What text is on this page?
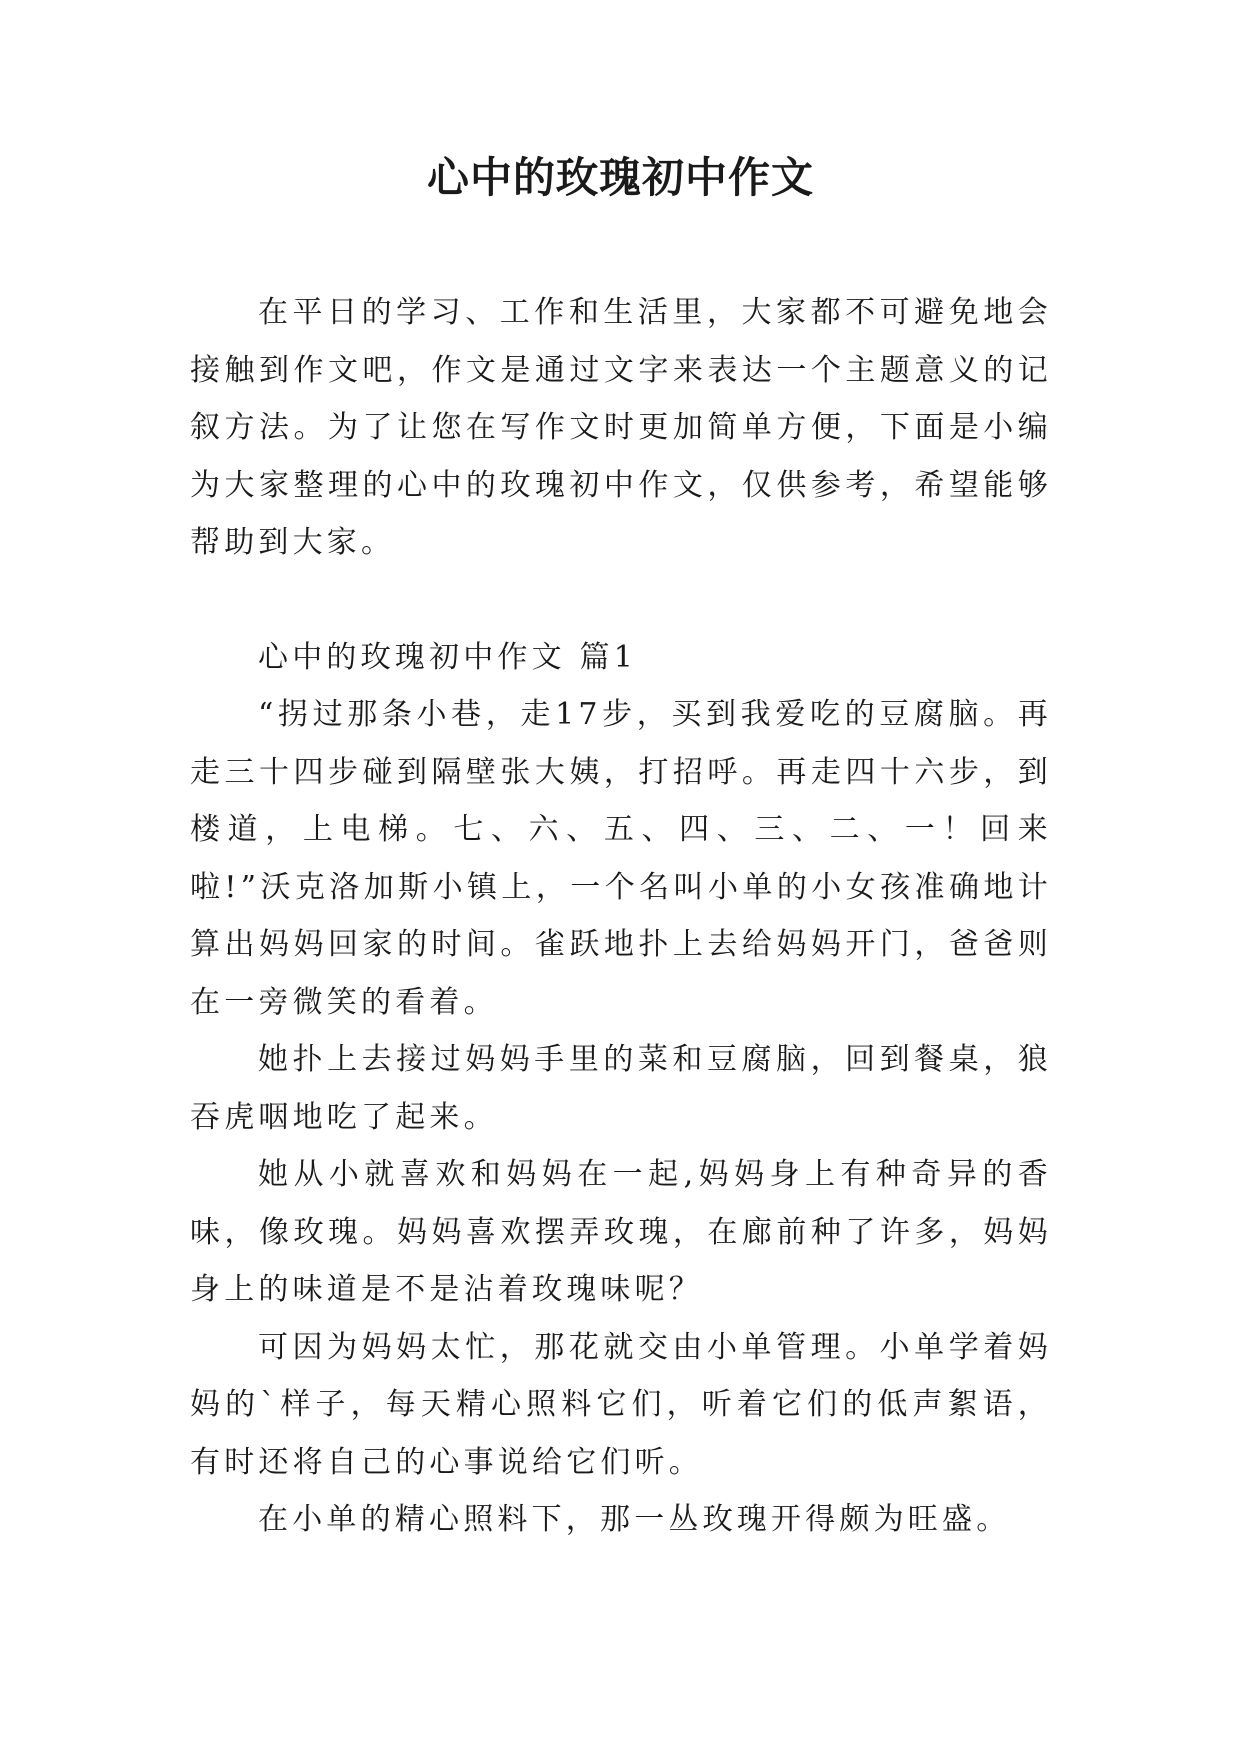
心中的玫瑰初中作文

在平日的学习、工作和生活里，大家都不可避免地会接触到作文吧，作文是通过文字来表达一个主题意义的记叙方法。为了让您在写作文时更加简单方便，下面是小编为大家整理的心中的玫瑰初中作文，仅供参考，希望能够帮助到大家。

心中的玫瑰初中作文 篇1

“拐过那条小巷，走17步，买到我爱吃的豆腐脑。再走三十四步碰到隔壁张大姨，打招呼。再走四十六步，到楼道，上电梯。七、六、五、四、三、二、一！回来啦!”沃克洛加斯小镇上，一个名叫小单的小女孩准确地计算出妈妈回家的时间。雀跃地扑上去给妈妈开门，爸爸则在一旁微笑的看着。

她扑上去接过妈妈手里的菜和豆腐脑，回到餐桌，狼吞虎咽地吃了起来。

她从小就喜欢和妈妈在一起,妈妈身上有种奇异的香味，像玫瑰。妈妈喜欢摆弄玫瑰，在廊前种了许多，妈妈身上的味道是不是沾着玫瑰味呢？

可因为妈妈太忙，那花就交由小单管理。小单学着妈妈的`样子，每天精心照料它们，听着它们的低声絮语，有时还将自己的心事说给它们听。

在小单的精心照料下，那一丛玫瑰开得颇为旺盛。
